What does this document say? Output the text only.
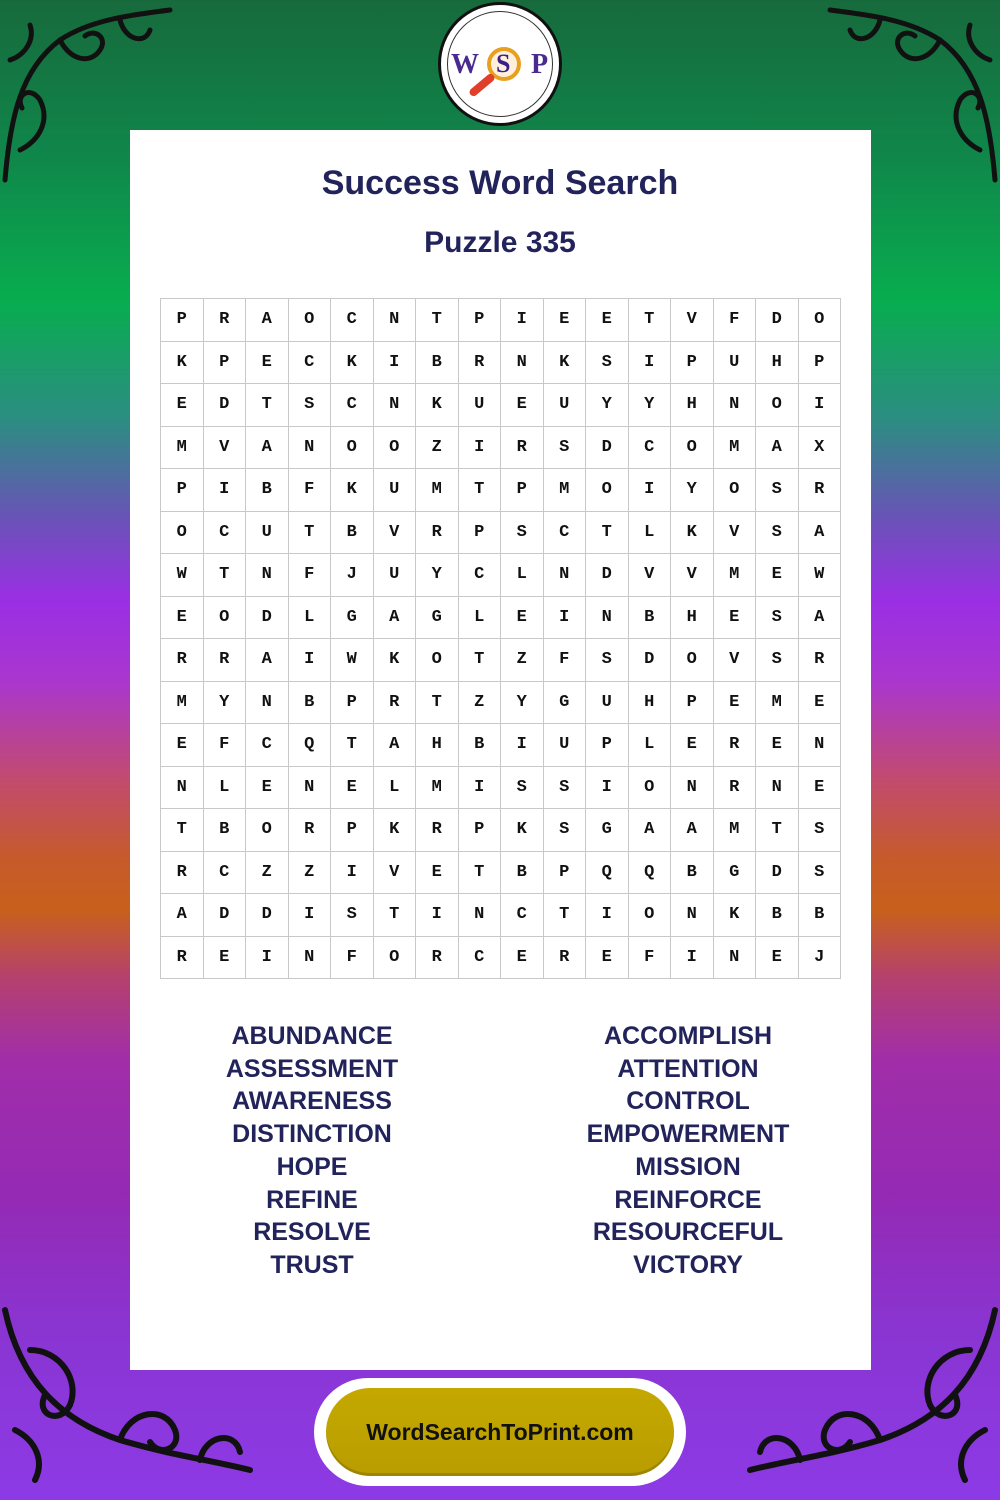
W S P
Success Word Search
Puzzle 335
P	R	A	O	C	N	T	P	I	E	E	T	V	F	D	O
K	P	E	C	K	I	B	R	N	K	S	I	P	U	H	P
E	D	T	S	C	N	K	U	E	U	Y	Y	H	N	O	I
M	V	A	N	O	O	Z	I	R	S	D	C	O	M	A	X
P	I	B	F	K	U	M	T	P	M	O	I	Y	O	S	R
O	C	U	T	B	V	R	P	S	C	T	L	K	V	S	A
W	T	N	F	J	U	Y	C	L	N	D	V	V	M	E	W
E	O	D	L	G	A	G	L	E	I	N	B	H	E	S	A
R	R	A	I	W	K	O	T	Z	F	S	D	O	V	S	R
M	Y	N	B	P	R	T	Z	Y	G	U	H	P	E	M	E
E	F	C	Q	T	A	H	B	I	U	P	L	E	R	E	N
N	L	E	N	E	L	M	I	S	S	I	O	N	R	N	E
T	B	O	R	P	K	R	P	K	S	G	A	A	M	T	S
R	C	Z	Z	I	V	E	T	B	P	Q	Q	B	G	D	S
A	D	D	I	S	T	I	N	C	T	I	O	N	K	B	B
R	E	I	N	F	O	R	C	E	R	E	F	I	N	E	J
ABUNDANCE
ASSESSMENT
AWARENESS
DISTINCTION
HOPE
REFINE
RESOLVE
TRUST
ACCOMPLISH
ATTENTION
CONTROL
EMPOWERMENT
MISSION
REINFORCE
RESOURCEFUL
VICTORY
WordSearchToPrint.com
